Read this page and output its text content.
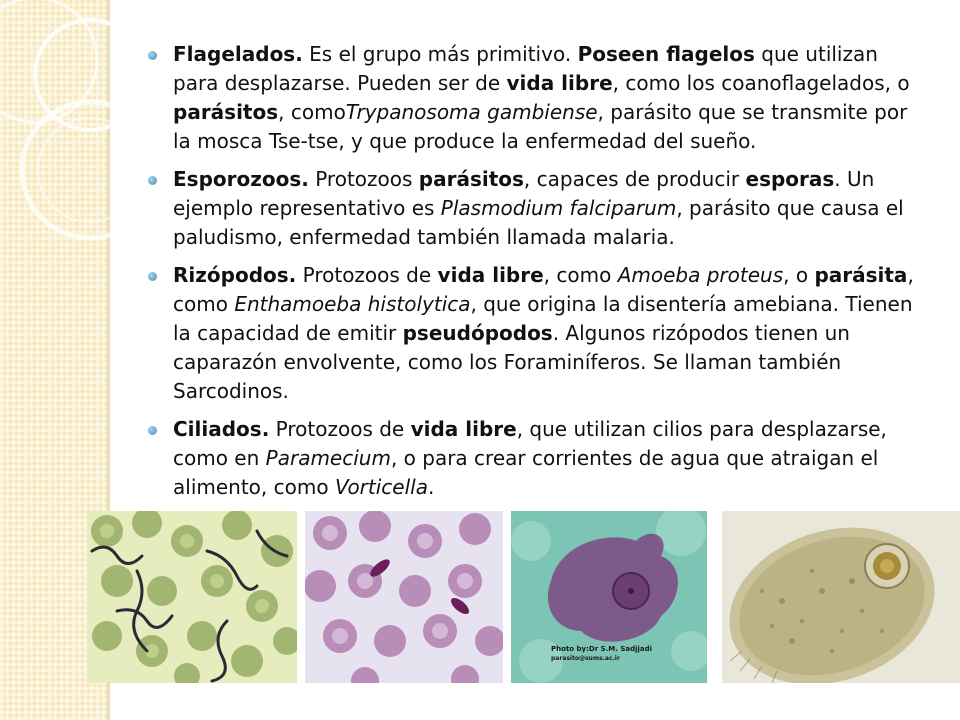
Flagelados. Es el grupo más primitivo. Poseen flagelos que utilizan para desplazarse. Pueden ser de vida libre, como los coanoflagelados, o parásitos, comoTrypanosoma gambiense, parásito que se transmite por la mosca Tse-tse, y que produce la enfermedad del sueño.
Esporozoos. Protozoos parásitos, capaces de producir esporas. Un ejemplo representativo es Plasmodium falciparum, parásito que causa el paludismo, enfermedad también llamada malaria.
Rizópodos. Protozoos de vida libre, como Amoeba proteus, o parásita, como Enthamoeba histolytica, que origina la disentería amebiana. Tienen la capacidad de emitir pseudópodos. Algunos rizópodos tienen un caparazón envolvente, como los Foraminíferos. Se llaman también Sarcodinos.
Ciliados. Protozoos de vida libre, que utilizan cilios para desplazarse, como en Paramecium, o para crear corrientes de agua que atraigan el alimento, como Vorticella.
Photo by:Dr S.M. Sadjjadi
parasito@sums.ac.ir
